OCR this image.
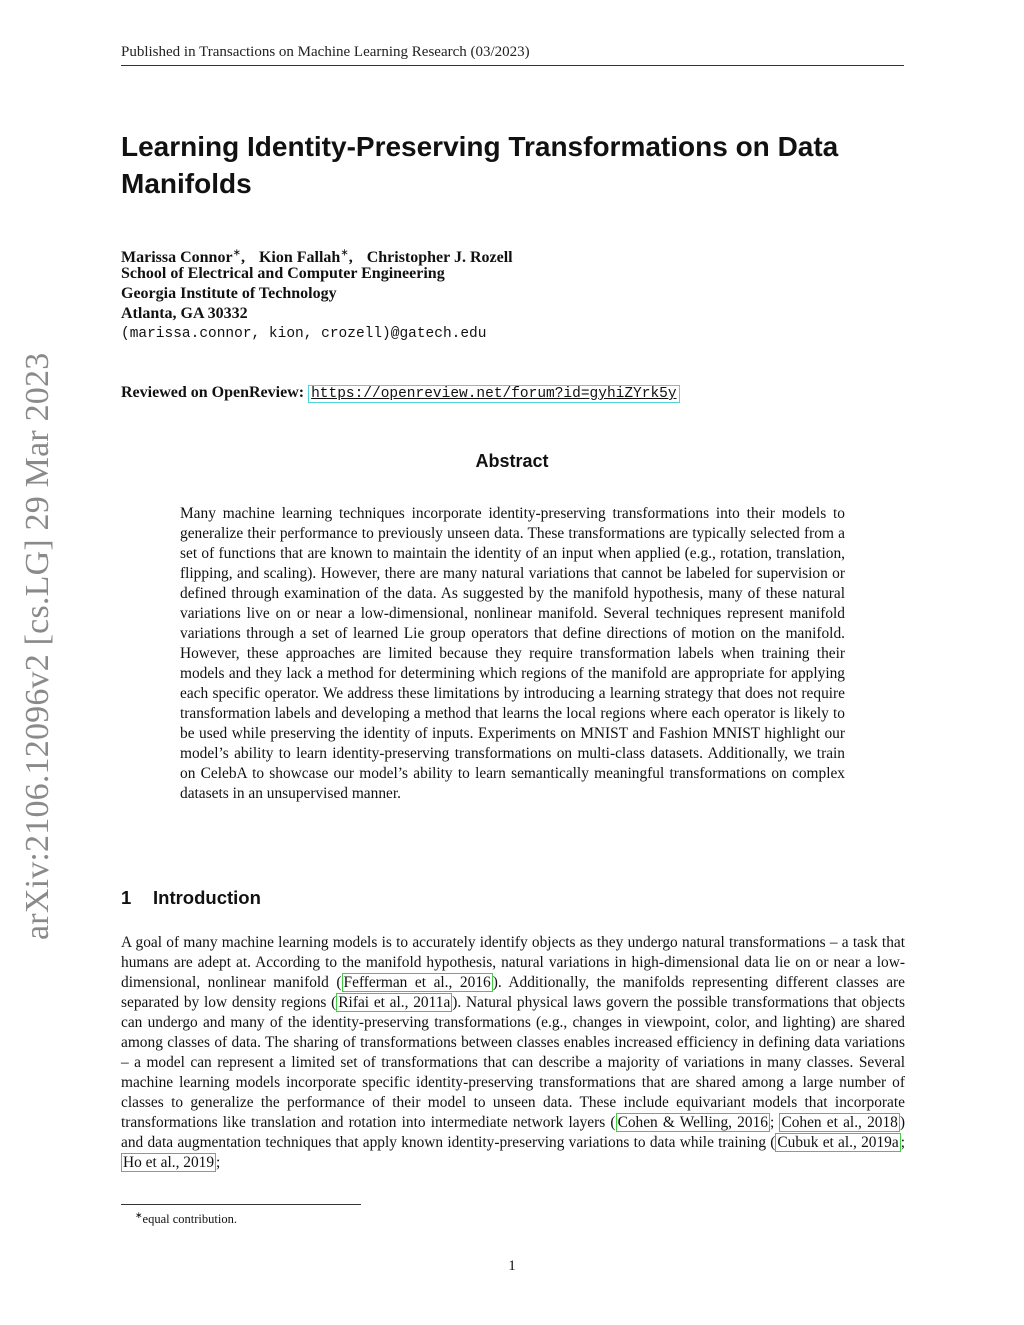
Published in Transactions on Machine Learning Research (03/2023)
arXiv:2106.12096v2 [cs.LG] 29 Mar 2023
Learning Identity-Preserving Transformations on Data Manifolds
Marissa Connor∗, Kion Fallah∗, Christopher J. Rozell
School of Electrical and Computer Engineering
Georgia Institute of Technology
Atlanta, GA 30332
(marissa.connor, kion, crozell)@gatech.edu
Reviewed on OpenReview: https://openreview.net/forum?id=gyhiZYrk5y
Abstract

Many machine learning techniques incorporate identity-preserving transformations into their models to generalize their performance to previously unseen data. These transformations are typically selected from a set of functions that are known to maintain the identity of an input when applied (e.g., rotation, translation, flipping, and scaling). However, there are many natural variations that cannot be labeled for supervision or defined through examination of the data. As suggested by the manifold hypothesis, many of these natural variations live on or near a low-dimensional, nonlinear manifold. Several techniques represent manifold variations through a set of learned Lie group operators that define directions of motion on the manifold. However, these approaches are limited because they require transformation labels when training their models and they lack a method for determining which regions of the manifold are appropriate for applying each specific operator. We address these limitations by introducing a learning strategy that does not require transformation labels and developing a method that learns the local regions where each operator is likely to be used while preserving the identity of inputs. Experiments on MNIST and Fashion MNIST highlight our model’s ability to learn identity-preserving transformations on multi-class datasets. Additionally, we train on CelebA to showcase our model’s ability to learn semantically meaningful transformations on complex datasets in an unsupervised manner.

1 Introduction

A goal of many machine learning models is to accurately identify objects as they undergo natural transformations – a task that humans are adept at. According to the manifold hypothesis, natural variations in high-dimensional data lie on or near a low-dimensional, nonlinear manifold ( Fefferman et al., 2016 ). Additionally, the manifolds representing different classes are separated by low density regions ( Rifai et al., 2011a ). Natural physical laws govern the possible transformations that objects can undergo and many of the identity-preserving transformations (e.g., changes in viewpoint, color, and lighting) are shared among classes of data. The sharing of transformations between classes enables increased efficiency in defining data variations – a model can represent a limited set of transformations that can describe a majority of variations in many classes. Several machine learning models incorporate specific identity-preserving transformations that are shared among a large number of classes to generalize the performance of their model to unseen data. These include equivariant models that incorporate transformations like translation and rotation into intermediate network layers ( Cohen & Welling, 2016 ; Cohen et al., 2018 ) and data augmentation techniques that apply known identity-preserving variations to data while training ( Cubuk et al., 2019a ; Ho et al., 2019 ;

∗equal contribution.
1
